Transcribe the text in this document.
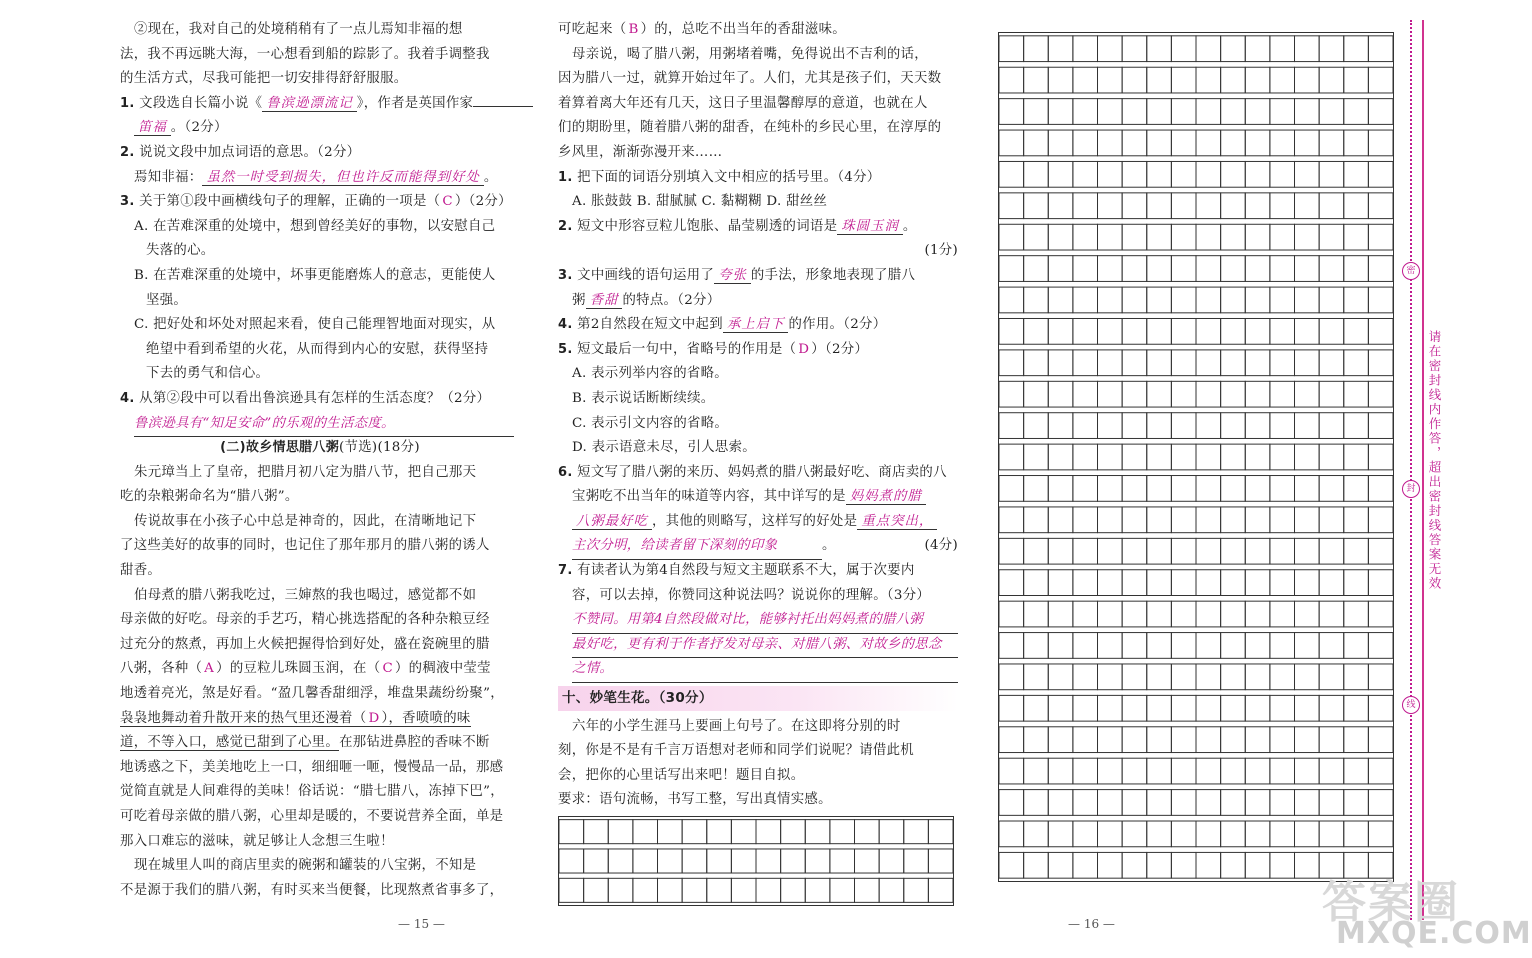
②现在，我对自己的处境稍稍有了一点儿焉知非福的想
法，我不再远眺大海，一心想看到船的踪影了。我着手调整我
的生活方式，尽我可能把一切安排得舒舒服服。
1. 文段选自长篇小说《 鲁滨逊漂流记 》，作者是英国作家
笛福 。（2分）
2. 说说文段中加点词语的意思。（2分）
焉知非福： 虽然一时受到损失，但也许反而能得到好处 。
3. 关于第①段中画横线句子的理解，正确的一项是（ C ）（2分）
A. 在苦难深重的处境中，想到曾经美好的事物，以安慰自己
失落的心。
B. 在苦难深重的处境中，坏事更能磨炼人的意志，更能使人
坚强。
C. 把好处和坏处对照起来看，使自己能理智地面对现实，从
绝望中看到希望的火花，从而得到内心的安慰，获得坚持
下去的勇气和信心。
4. 从第②段中可以看出鲁滨逊具有怎样的生活态度？（2分）
鲁滨逊具有“知足安命”的乐观的生活态度。
(二)故乡情思腊八粥(节选)(18分)
朱元璋当上了皇帝，把腊月初八定为腊八节，把自己那天
吃的杂粮粥命名为“腊八粥”。
传说故事在小孩子心中总是神奇的，因此，在清晰地记下
了这些美好的故事的同时，也记住了那年那月的腊八粥的诱人
甜香。
伯母煮的腊八粥我吃过，三婶熬的我也喝过，感觉都不如
母亲做的好吃。母亲的手艺巧，精心挑选搭配的各种杂粮豆经
过充分的熬煮，再加上火候把握得恰到好处，盛在瓷碗里的腊
八粥，各种（ A ）的豆粒儿珠圆玉润，在（ C ）的稠液中莹莹
地透着亮光，煞是好看。“盈几馨香甜细浮，堆盘果蔬纷纷聚”，
袅袅地舞动着升散开来的热气里还漫着（ D ），香喷喷的味
道，不等入口，感觉已甜到了心里。在那钻进鼻腔的香味不断
地诱惑之下，美美地吃上一口，细细咂一咂，慢慢品一品，那感
觉简直就是人间难得的美味！俗话说：“腊七腊八，冻掉下巴”，
可吃着母亲做的腊八粥，心里却是暖的，不要说营养全面，单是
那入口难忘的滋味，就足够让人念想三生啦！
现在城里人叫的商店里卖的碗粥和罐装的八宝粥，不知是
不是源于我们的腊八粥，有时买来当便餐，比现熬煮省事多了，
— 15 —
可吃起来（ B ）的，总吃不出当年的香甜滋味。
母亲说，喝了腊八粥，用粥堵着嘴，免得说出不吉利的话，
因为腊八一过，就算开始过年了。人们，尤其是孩子们，天天数
着算着离大年还有几天，这日子里温馨醇厚的意道，也就在人
们的期盼里，随着腊八粥的甜香，在纯朴的乡民心里，在淳厚的
乡风里，渐渐弥漫开来……
1. 把下面的词语分别填入文中相应的括号里。（4分）
A. 胀鼓鼓 B. 甜腻腻 C. 黏糊糊 D. 甜丝丝
2. 短文中形容豆粒儿饱胀、晶莹剔透的词语是 珠圆玉润 。
(1分)
3. 文中画线的语句运用了 夸张 的手法，形象地表现了腊八
粥 香甜 的特点。（2分）
4. 第2自然段在短文中起到 承上启下 的作用。（2分）
5. 短文最后一句中，省略号的作用是（ D ）（2分）
A. 表示列举内容的省略。
B. 表示说话断断续续。
C. 表示引文内容的省略。
D. 表示语意未尽，引人思索。
6. 短文写了腊八粥的来历、妈妈煮的腊八粥最好吃、商店卖的八
宝粥吃不出当年的味道等内容，其中详写的是 妈妈煮的腊
八粥最好吃 ，其他的则略写，这样写的好处是 重点突出，
主次分明，给读者留下深刻的印象	。	(4分)
7. 有读者认为第4自然段与短文主题联系不大，属于次要内
容，可以去掉，你赞同这种说法吗？说说你的理解。（3分）
不赞同。用第4自然段做对比，能够衬托出妈妈煮的腊八粥
最好吃，更有利于作者抒发对母亲、对腊八粥、对故乡的思念
之情。
十、妙笔生花。（30分）
六年的小学生涯马上要画上句号了。在这即将分别的时
刻，你是不是有千言万语想对老师和同学们说呢？请借此机
会，把你的心里话写出来吧！题目自拟。
要求：语句流畅，书写工整，写出真情实感。
— 16 —
密
封
线
请在密封线内作答，超出密封线答案无效
答案圈
MXQE.COM
